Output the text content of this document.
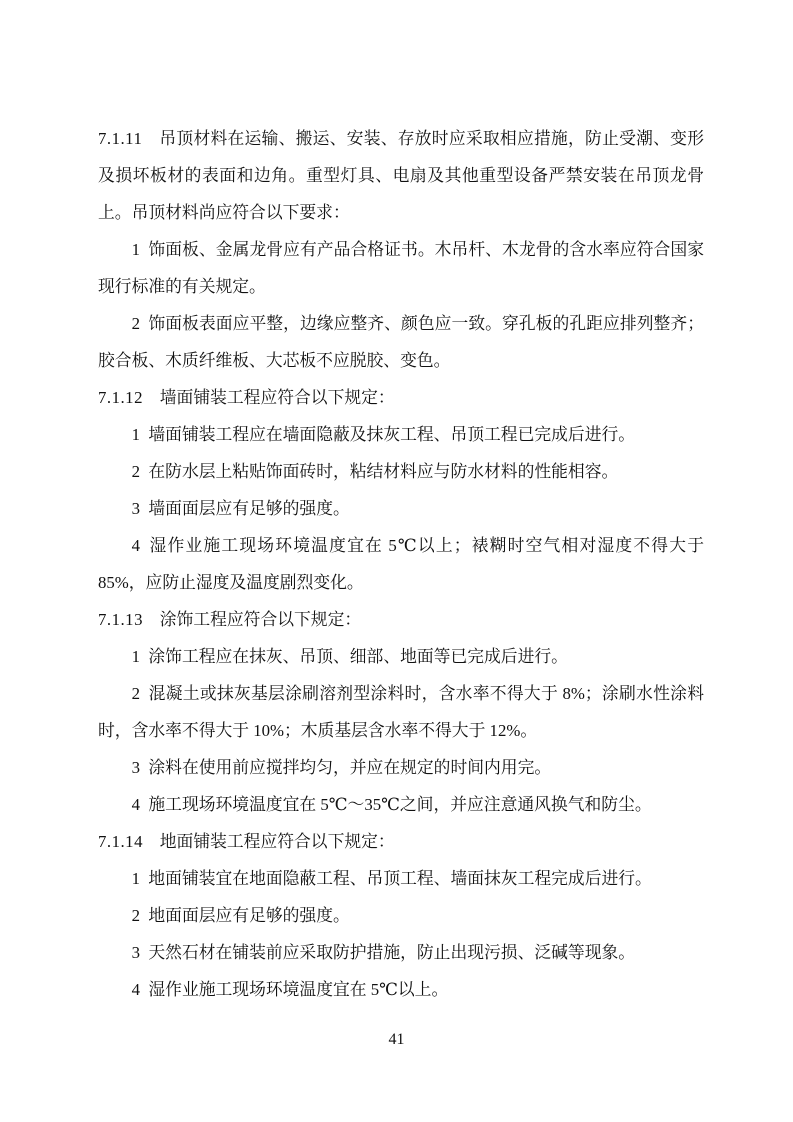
7.1.11 吊顶材料在运输、搬运、安装、存放时应采取相应措施，防止受潮、变形及损坏板材的表面和边角。重型灯具、电扇及其他重型设备严禁安装在吊顶龙骨上。吊顶材料尚应符合以下要求：

1 饰面板、金属龙骨应有产品合格证书。木吊杆、木龙骨的含水率应符合国家现行标准的有关规定。

2 饰面板表面应平整，边缘应整齐、颜色应一致。穿孔板的孔距应排列整齐；胶合板、木质纤维板、大芯板不应脱胶、变色。

7.1.12 墙面铺装工程应符合以下规定：

1 墙面铺装工程应在墙面隐蔽及抹灰工程、吊顶工程已完成后进行。

2 在防水层上粘贴饰面砖时，粘结材料应与防水材料的性能相容。

3 墙面面层应有足够的强度。

4 湿作业施工现场环境温度宜在 5℃以上；裱糊时空气相对湿度不得大于 85%，应防止湿度及温度剧烈变化。

7.1.13 涂饰工程应符合以下规定：

1 涂饰工程应在抹灰、吊顶、细部、地面等已完成后进行。

2 混凝土或抹灰基层涂刷溶剂型涂料时，含水率不得大于 8%；涂刷水性涂料时，含水率不得大于 10%；木质基层含水率不得大于 12%。

3 涂料在使用前应搅拌均匀，并应在规定的时间内用完。

4 施工现场环境温度宜在 5℃～35℃之间，并应注意通风换气和防尘。

7.1.14 地面铺装工程应符合以下规定：

1 地面铺装宜在地面隐蔽工程、吊顶工程、墙面抹灰工程完成后进行。

2 地面面层应有足够的强度。

3 天然石材在铺装前应采取防护措施，防止出现污损、泛碱等现象。

4 湿作业施工现场环境温度宜在 5℃以上。

41
